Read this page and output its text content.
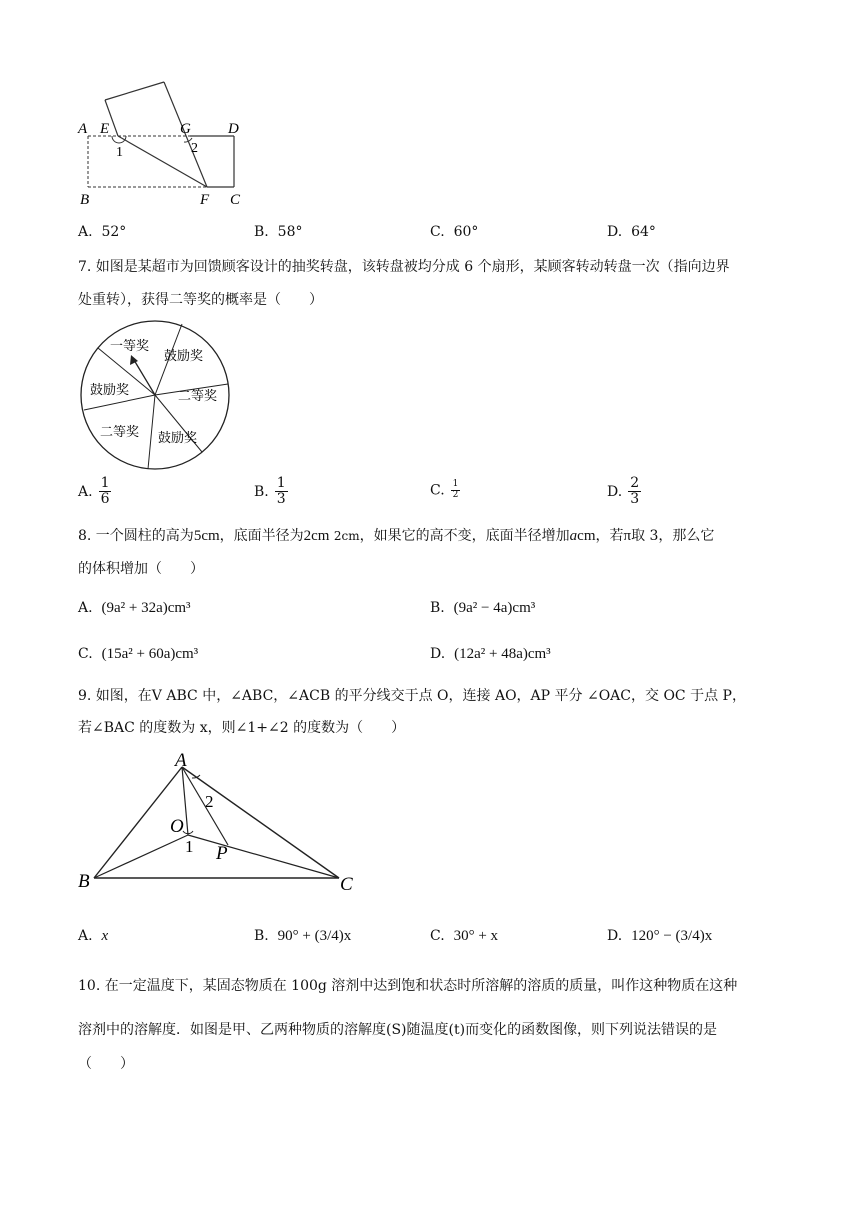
A E	G D
B	F C
1	2
A. 52°	B. 58°	C. 60°	D. 64°
7. 如图是某超市为回馈顾客设计的抽奖转盘，该转盘被均分成 6 个扇形，某顾客转动转盘一次（指向边界
处重转），获得二等奖的概率是（　　）
一等奖
鼓励奖
二等奖
鼓励奖
二等奖 鼓励奖
A. $\frac{1}{6}$	B. $\frac{1}{3}$	C. $\frac{1}{2}$	D. $\frac{2}{3}$
8. 一个圆柱的高为5cm，底面半径为2cm 2cm，如果它的高不变，底面半径增加acm，若π取 3，那么它
的体积增加（　　）
A. (9a² + 32a)cm³	B. (9a² − 4a)cm³
C. (15a² + 60a)cm³	D. (12a² + 48a)cm³
9. 如图，在V ABC 中，∠ABC，∠ACB 的平分线交于点 O，连接 AO，AP 平分 ∠OAC，交 OC 于点 P，
若∠BAC 的度数为 x，则∠1+∠2 的度数为（　　）
A
B	C
O
P
1
2
A. x	B. 90° + (3/4)x	C. 30° + x	D. 120° − (3/4)x
10. 在一定温度下，某固态物质在 100g 溶剂中达到饱和状态时所溶解的溶质的质量，叫作这种物质在这种
溶剂中的溶解度．如图是甲、乙两种物质的溶解度(S)随温度(t)而变化的函数图像，则下列说法错误的是
（　　）
